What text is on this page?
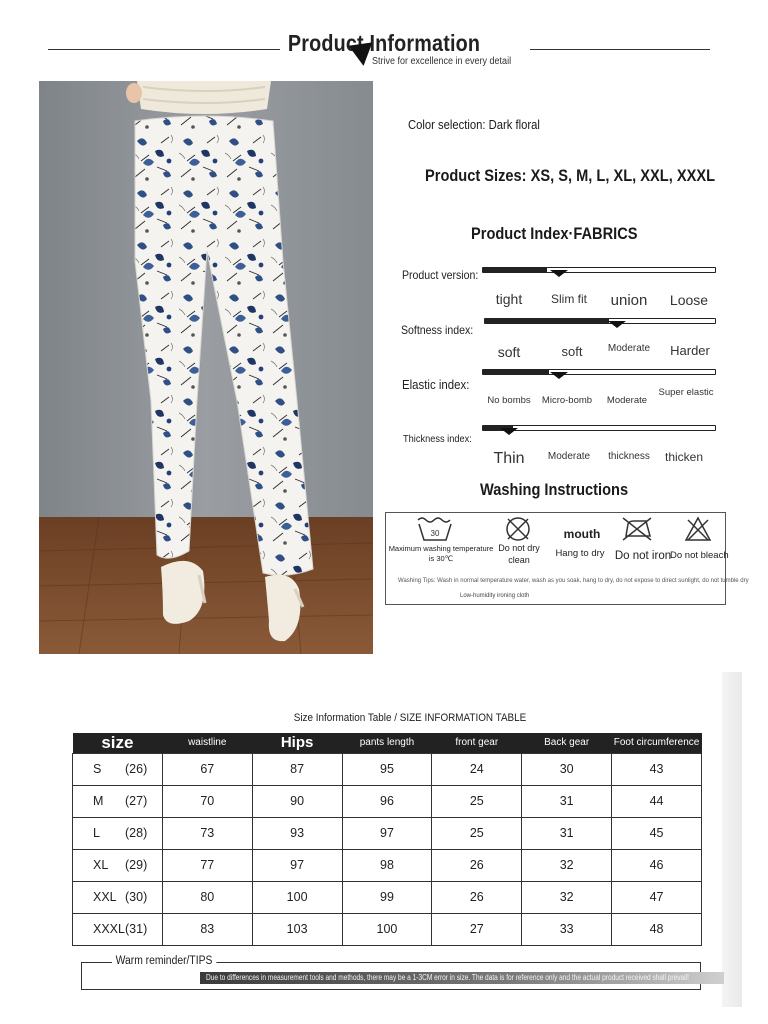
Product Information
Strive for excellence in every detail
Color selection: Dark floral
Product Sizes: XS, S, M, L, XL, XXL, XXXL
Product Index·FABRICS
Product version:
tight	Slim fit	union	Loose
Softness index:
soft	soft	Moderate	Harder
Elastic index:
No bombs	Micro-bomb	Moderate
Super elastic
Thickness index:
Thin	Moderate	thickness	thicken
Washing Instructions
30
Maximum washing temperature is 30℃
Do not dry clean
mouth
Hang to dry Do not iron
Do not bleach
Washing Tips: Wash in normal temperature water, wash as you soak, hang to dry, do not expose to direct sunlight, do not tumble dry
Low-humidity ironing cloth
Size Information Table / SIZE INFORMATION TABLE
size	waistline	Hips	pants length	front gear	Back gear	Foot circumference
S (26)	67	87	95	24	30	43
M (27)	70	90	96	25	31	44
L (28)	73	93	97	25	31	45
XL (29)	77	97	98	26	32	46
XXL (30)	80	100	99	26	32	47
XXXL(31)	83	103	100	27	33	48
Warm reminder/TIPS
Due to differences in measurement tools and methods, there may be a 1-3CM error in size. The data is for reference only and the actual product received shall prevail!
